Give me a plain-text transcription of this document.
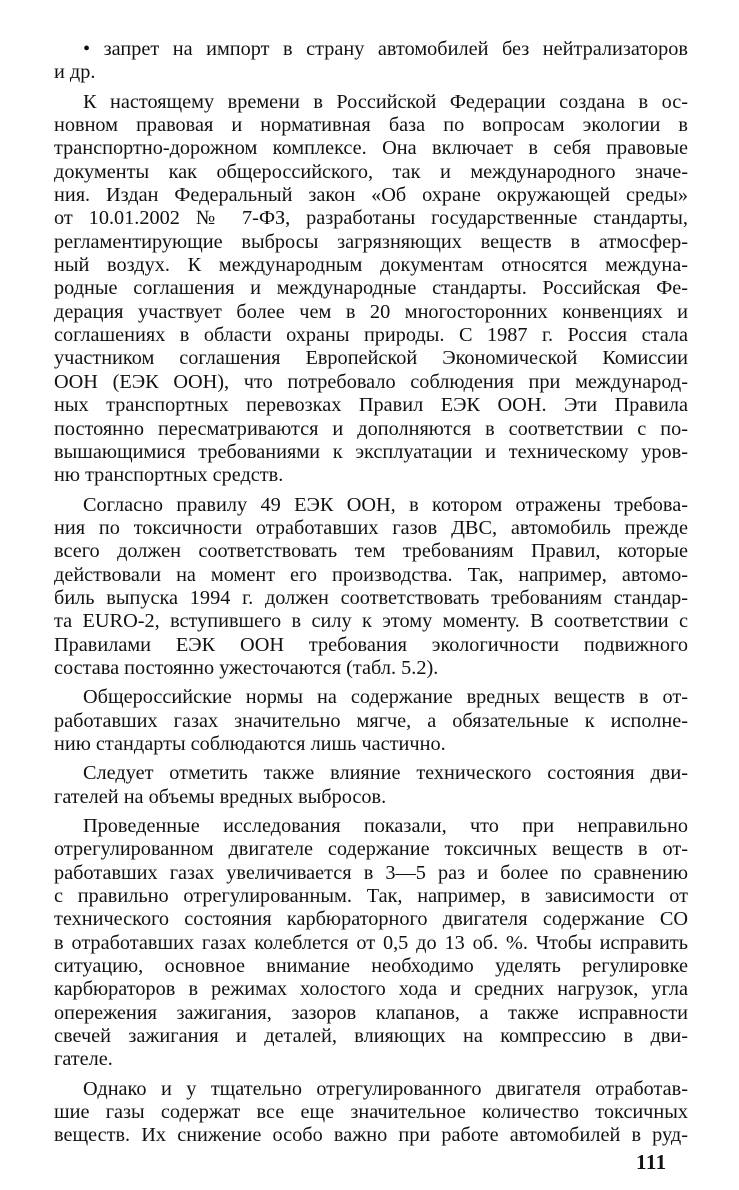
• запрет на импорт в страну автомобилей без нейтрализаторов
и др.
К настоящему времени в Российской Федерации создана в ос-
новном правовая и нормативная база по вопросам экологии в
транспортно-дорожном комплексе. Она включает в себя правовые
документы как общероссийского, так и международного значе-
ния. Издан Федеральный закон «Об охране окружающей среды»
от 10.01.2002 № 7-ФЗ, разработаны государственные стандарты,
регламентирующие выбросы загрязняющих веществ в атмосфер-
ный воздух. К международным документам относятся междуна-
родные соглашения и международные стандарты. Российская Фе-
дерация участвует более чем в 20 многосторонних конвенциях и
соглашениях в области охраны природы. С 1987 г. Россия стала
участником соглашения Европейской Экономической Комиссии
ООН (ЕЭК ООН), что потребовало соблюдения при международ-
ных транспортных перевозках Правил ЕЭК ООН. Эти Правила
постоянно пересматриваются и дополняются в соответствии с по-
вышающимися требованиями к эксплуатации и техническому уров-
ню транспортных средств.
Согласно правилу 49 ЕЭК ООН, в котором отражены требова-
ния по токсичности отработавших газов ДВС, автомобиль прежде
всего должен соответствовать тем требованиям Правил, которые
действовали на момент его производства. Так, например, автомо-
биль выпуска 1994 г. должен соответствовать требованиям стандар-
та EURO-2, вступившего в силу к этому моменту. В соответствии с
Правилами ЕЭК ООН требования экологичности подвижного
состава постоянно ужесточаются (табл. 5.2).
Общероссийские нормы на содержание вредных веществ в от-
работавших газах значительно мягче, а обязательные к исполне-
нию стандарты соблюдаются лишь частично.
Следует отметить также влияние технического состояния дви-
гателей на объемы вредных выбросов.
Проведенные исследования показали, что при неправильно
отрегулированном двигателе содержание токсичных веществ в от-
работавших газах увеличивается в 3—5 раз и более по сравнению
с правильно отрегулированным. Так, например, в зависимости от
технического состояния карбюраторного двигателя содержание СО
в отработавших газах колеблется от 0,5 до 13 об. %. Чтобы исправить
ситуацию, основное внимание необходимо уделять регулировке
карбюраторов в режимах холостого хода и средних нагрузок, угла
опережения зажигания, зазоров клапанов, а также исправности
свечей зажигания и деталей, влияющих на компрессию в дви-
гателе.
Однако и у тщательно отрегулированного двигателя отработав-
шие газы содержат все еще значительное количество токсичных
веществ. Их снижение особо важно при работе автомобилей в руд-
111
